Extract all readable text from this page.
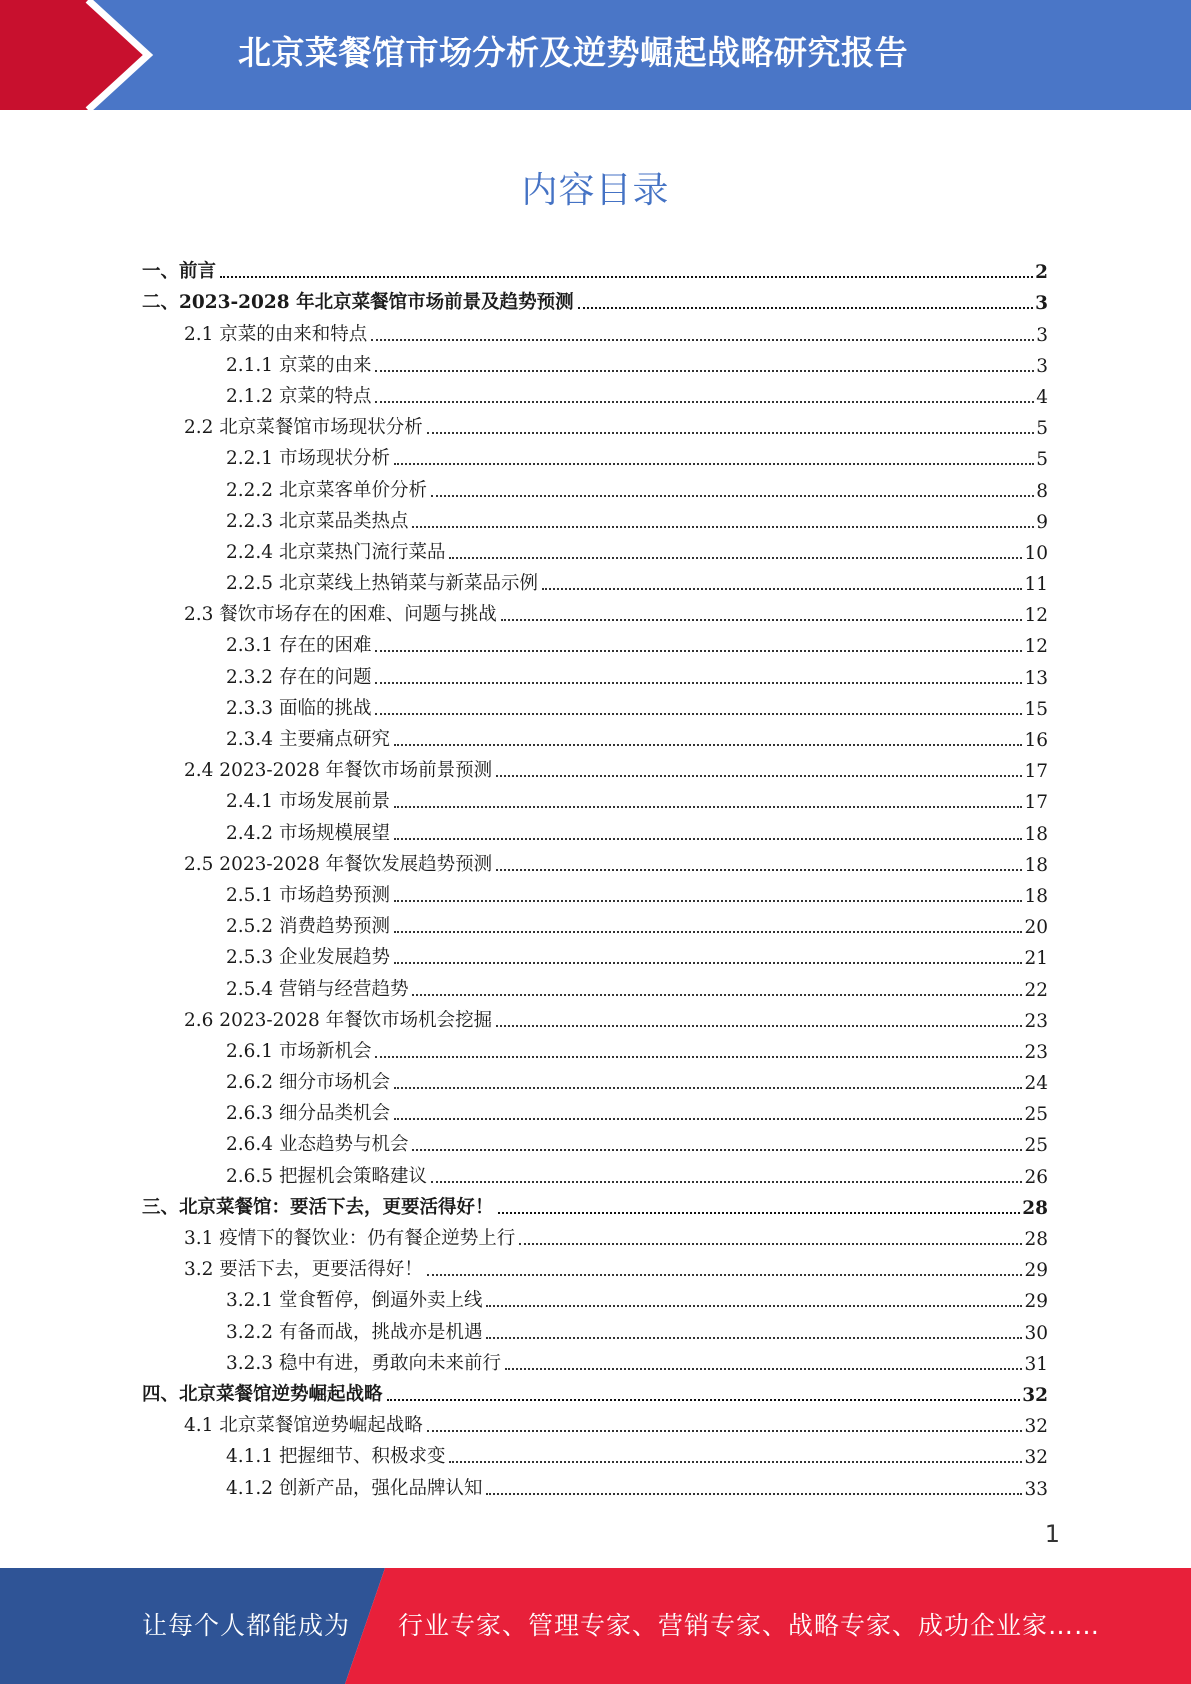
北京菜餐馆市场分析及逆势崛起战略研究报告
内容目录
一、前言	2
二、2023-2028 年北京菜餐馆市场前景及趋势预测	3
2.1 京菜的由来和特点	3
2.1.1 京菜的由来	3
2.1.2 京菜的特点	4
2.2 北京菜餐馆市场现状分析	5
2.2.1 市场现状分析	5
2.2.2 北京菜客单价分析	8
2.2.3 北京菜品类热点	9
2.2.4 北京菜热门流行菜品	10
2.2.5 北京菜线上热销菜与新菜品示例	11
2.3 餐饮市场存在的困难、问题与挑战	12
2.3.1 存在的困难	12
2.3.2 存在的问题	13
2.3.3 面临的挑战	15
2.3.4 主要痛点研究	16
2.4 2023-2028 年餐饮市场前景预测	17
2.4.1 市场发展前景	17
2.4.2 市场规模展望	18
2.5 2023-2028 年餐饮发展趋势预测	18
2.5.1 市场趋势预测	18
2.5.2 消费趋势预测	20
2.5.3 企业发展趋势	21
2.5.4 营销与经营趋势	22
2.6 2023-2028 年餐饮市场机会挖掘	23
2.6.1 市场新机会	23
2.6.2 细分市场机会	24
2.6.3 细分品类机会	25
2.6.4 业态趋势与机会	25
2.6.5 把握机会策略建议	26
三、北京菜餐馆：要活下去，更要活得好！	28
3.1 疫情下的餐饮业：仍有餐企逆势上行	28
3.2 要活下去，更要活得好！	29
3.2.1 堂食暂停，倒逼外卖上线	29
3.2.2 有备而战，挑战亦是机遇	30
3.2.3 稳中有进，勇敢向未来前行	31
四、北京菜餐馆逆势崛起战略	32
4.1 北京菜餐馆逆势崛起战略	32
4.1.1 把握细节、积极求变	32
4.1.2 创新产品，强化品牌认知	33
1
让每个人都能成为 行业专家、管理专家、营销专家、战略专家、成功企业家……
